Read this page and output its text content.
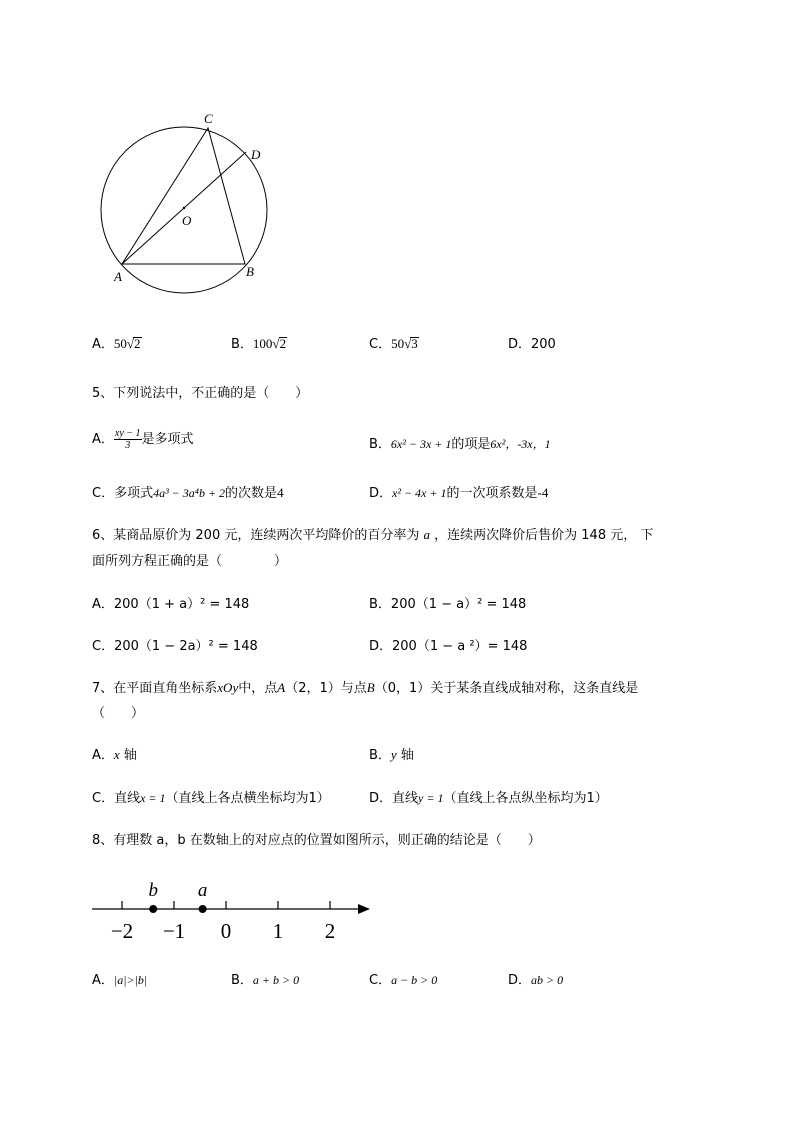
C
D
O
A	B
A．50√2	B．100√2	C．50√3	D．200
5、下列说法中，不正确的是（　　）
A． $\frac{xy - 1}{3}$ 是多项式	B．6x² − 3x + 1的项是6x²，-3x，1
C．多项式4a³ − 3a⁴b + 2的次数是4	D．x² − 4x + 1的一次项系数是-4
6、某商品原价为 200 元，连续两次平均降价的百分率为 a ，连续两次降价后售价为 148 元， 下
面所列方程正确的是（　　　　）
A．200（1 + a）² = 148	B．200（1 − a）² = 148
C．200（1 − 2a）² = 148	D．200（1 − a ²）= 148
7、在平面直角坐标系xOy中，点A（2，1）与点B（0，1）关于某条直线成轴对称，这条直线是
（　　）
A．x 轴	B．y 轴
C．直线x = 1（直线上各点横坐标均为1）	D．直线y = 1（直线上各点纵坐标均为1）
8、有理数 a，b 在数轴上的对应点的位置如图所示，则正确的结论是（　　）
−2 −1 0 1 2
b a
A．|a|>|b|	B．a + b > 0	C．a − b > 0	D．ab > 0
